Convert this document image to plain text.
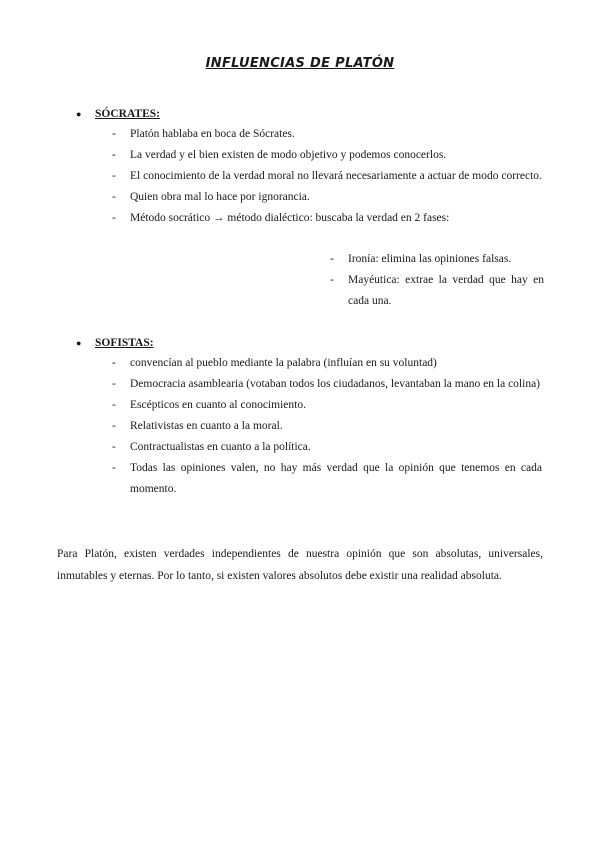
INFLUENCIAS DE PLATÓN
● SÓCRATES:
- Platón hablaba en boca de Sócrates.
- La verdad y el bien existen de modo objetivo y podemos conocerlos.
- El conocimiento de la verdad moral no llevará necesariamente a actuar de modo correcto.
- Quien obra mal lo hace por ignorancia.
- Método socrático → método dialéctico: buscaba la verdad en 2 fases:
- Ironía: elimina las opiniones falsas.
- Mayéutica: extrae la verdad que hay en cada una.
● SOFISTAS:
- convencían al pueblo mediante la palabra (influían en su voluntad)
- Democracia asamblearia (votaban todos los ciudadanos, levantaban la mano en la colina)
- Escépticos en cuanto al conocimiento.
- Relativistas en cuanto a la moral.
- Contractualistas en cuanto a la política.
- Todas las opiniones valen, no hay más verdad que la opinión que tenemos en cada momento.
Para Platón, existen verdades independientes de nuestra opinión que son absolutas, universales, inmutables y eternas. Por lo tanto, si existen valores absolutos debe existir una realidad absoluta.
